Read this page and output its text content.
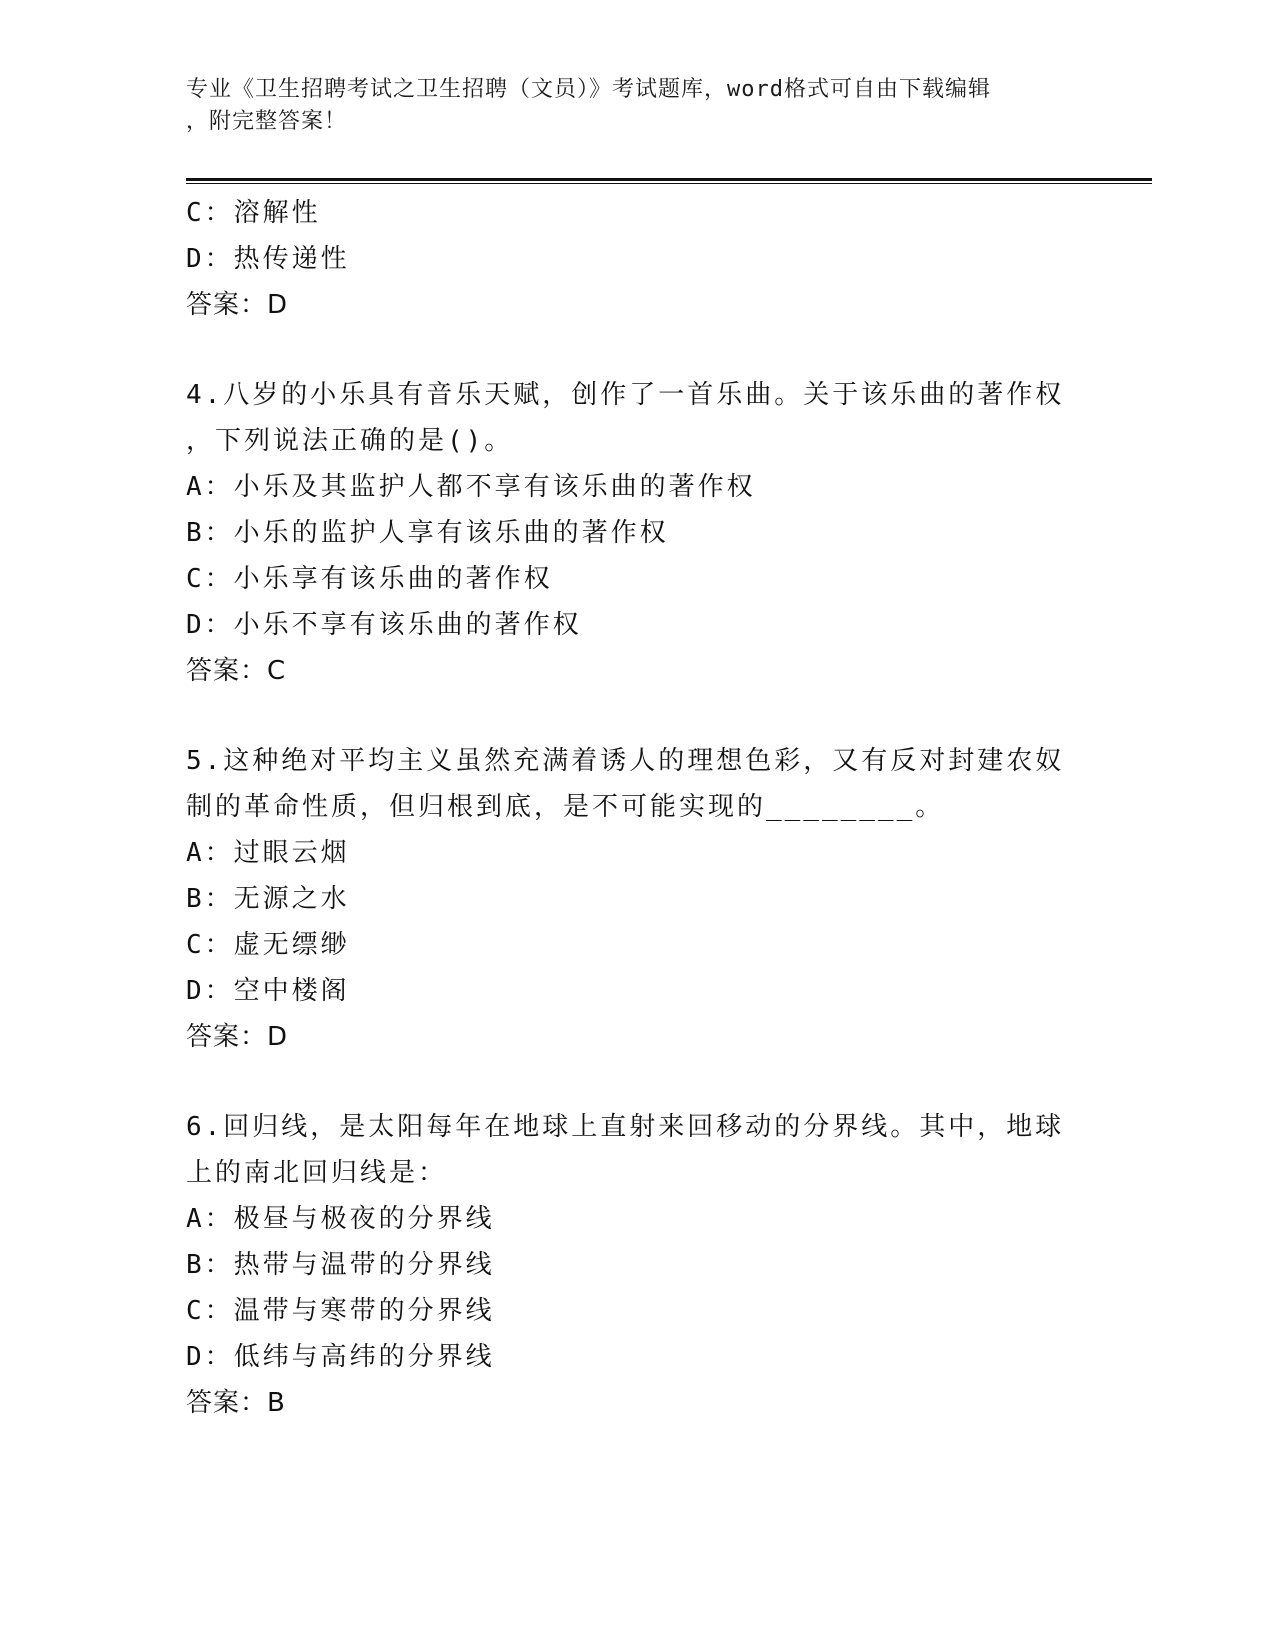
专业《卫生招聘考试之卫生招聘（文员）》考试题库，word格式可自由下载编辑
，附完整答案！
C：溶解性
D：热传递性
答案：D
4.八岁的小乐具有音乐天赋，创作了一首乐曲。关于该乐曲的著作权
，下列说法正确的是()。
A：小乐及其监护人都不享有该乐曲的著作权
B：小乐的监护人享有该乐曲的著作权
C：小乐享有该乐曲的著作权
D：小乐不享有该乐曲的著作权
答案：C
5.这种绝对平均主义虽然充满着诱人的理想色彩，又有反对封建农奴
制的革命性质，但归根到底，是不可能实现的________。
A：过眼云烟
B：无源之水
C：虚无缥缈
D：空中楼阁
答案：D
6.回归线，是太阳每年在地球上直射来回移动的分界线。其中，地球
上的南北回归线是：
A：极昼与极夜的分界线
B：热带与温带的分界线
C：温带与寒带的分界线
D：低纬与高纬的分界线
答案：B
